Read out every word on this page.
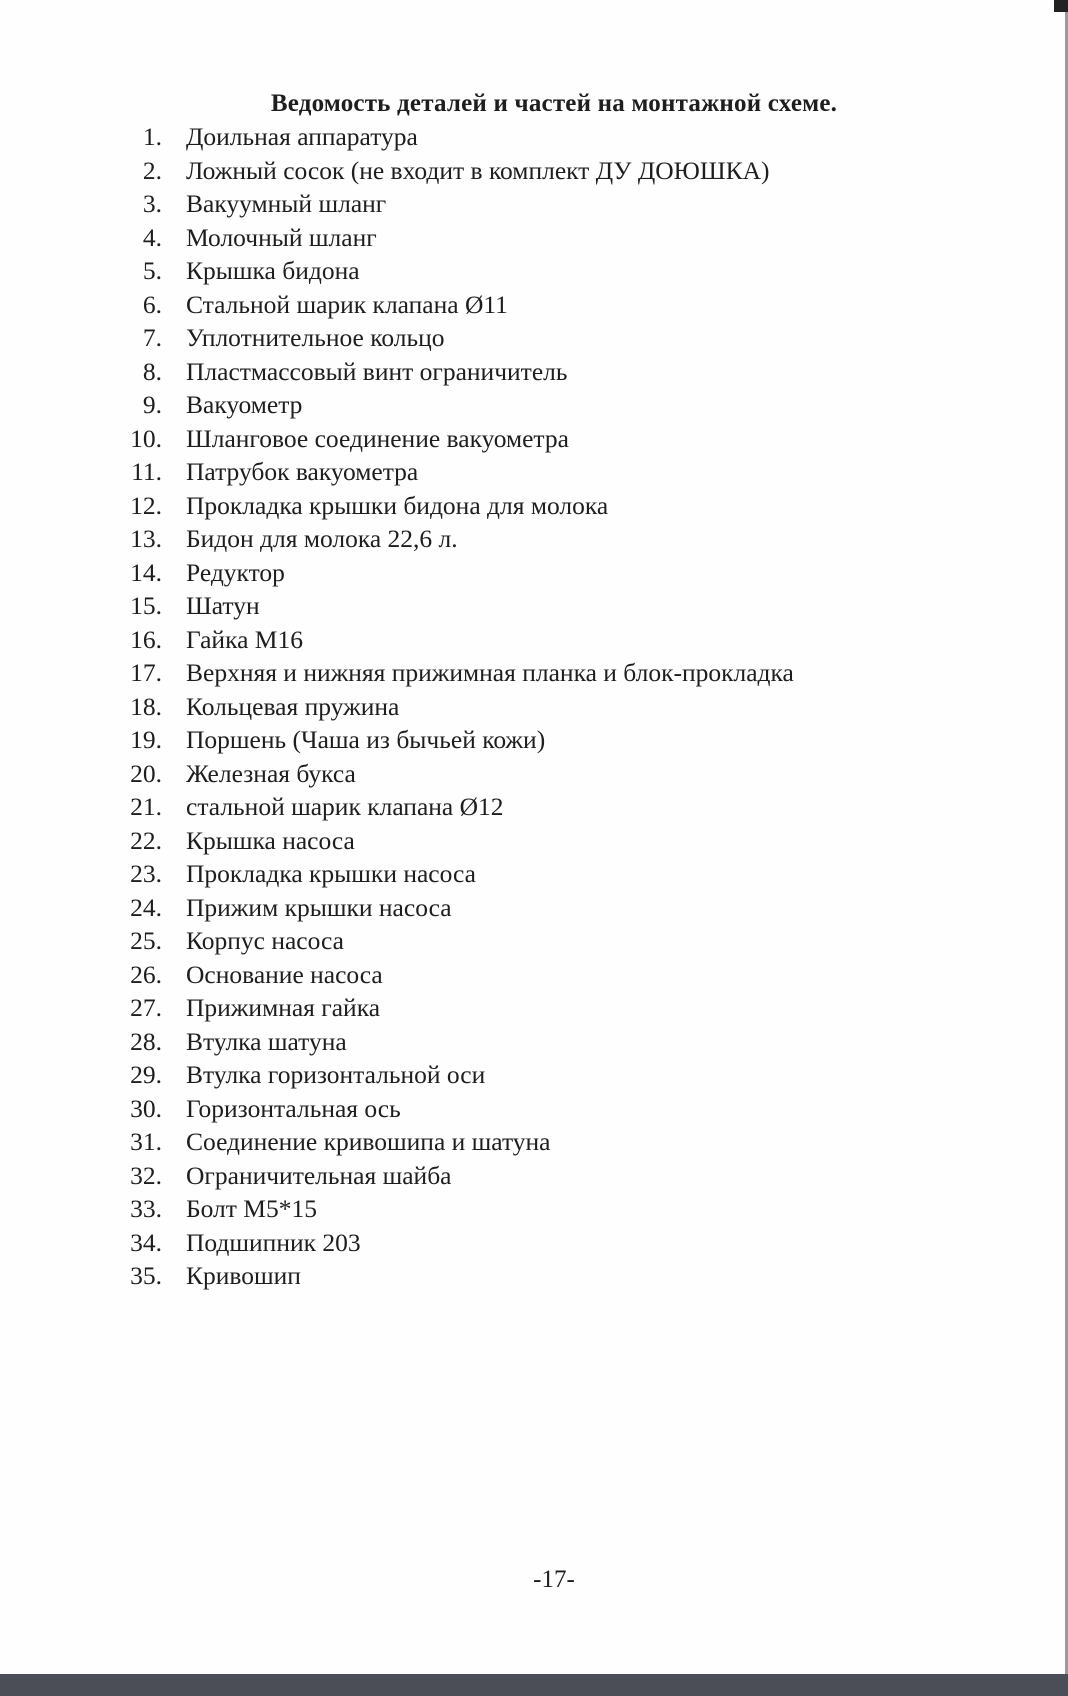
Ведомость деталей и частей на монтажной схеме.
1. Доильная аппаратура
2. Ложный сосок (не входит в комплект ДУ ДОЮШКА)
3. Вакуумный шланг
4. Молочный шланг
5. Крышка бидона
6. Стальной шарик клапана Ø11
7. Уплотнительное кольцо
8. Пластмассовый винт ограничитель
9. Вакуометр
10. Шланговое соединение вакуометра
11. Патрубок вакуометра
12. Прокладка крышки бидона для молока
13. Бидон для молока 22,6 л.
14. Редуктор
15. Шатун
16. Гайка М16
17. Верхняя и нижняя прижимная планка и блок-прокладка
18. Кольцевая пружина
19. Поршень (Чаша из бычьей кожи)
20. Железная букса
21. стальной шарик клапана Ø12
22. Крышка насоса
23. Прокладка крышки насоса
24. Прижим крышки насоса
25. Корпус насоса
26. Основание насоса
27. Прижимная гайка
28. Втулка шатуна
29. Втулка горизонтальной оси
30. Горизонтальная ось
31. Соединение кривошипа и шатуна
32. Ограничительная шайба
33. Болт М5*15
34. Подшипник 203
35. Кривошип
-17-
